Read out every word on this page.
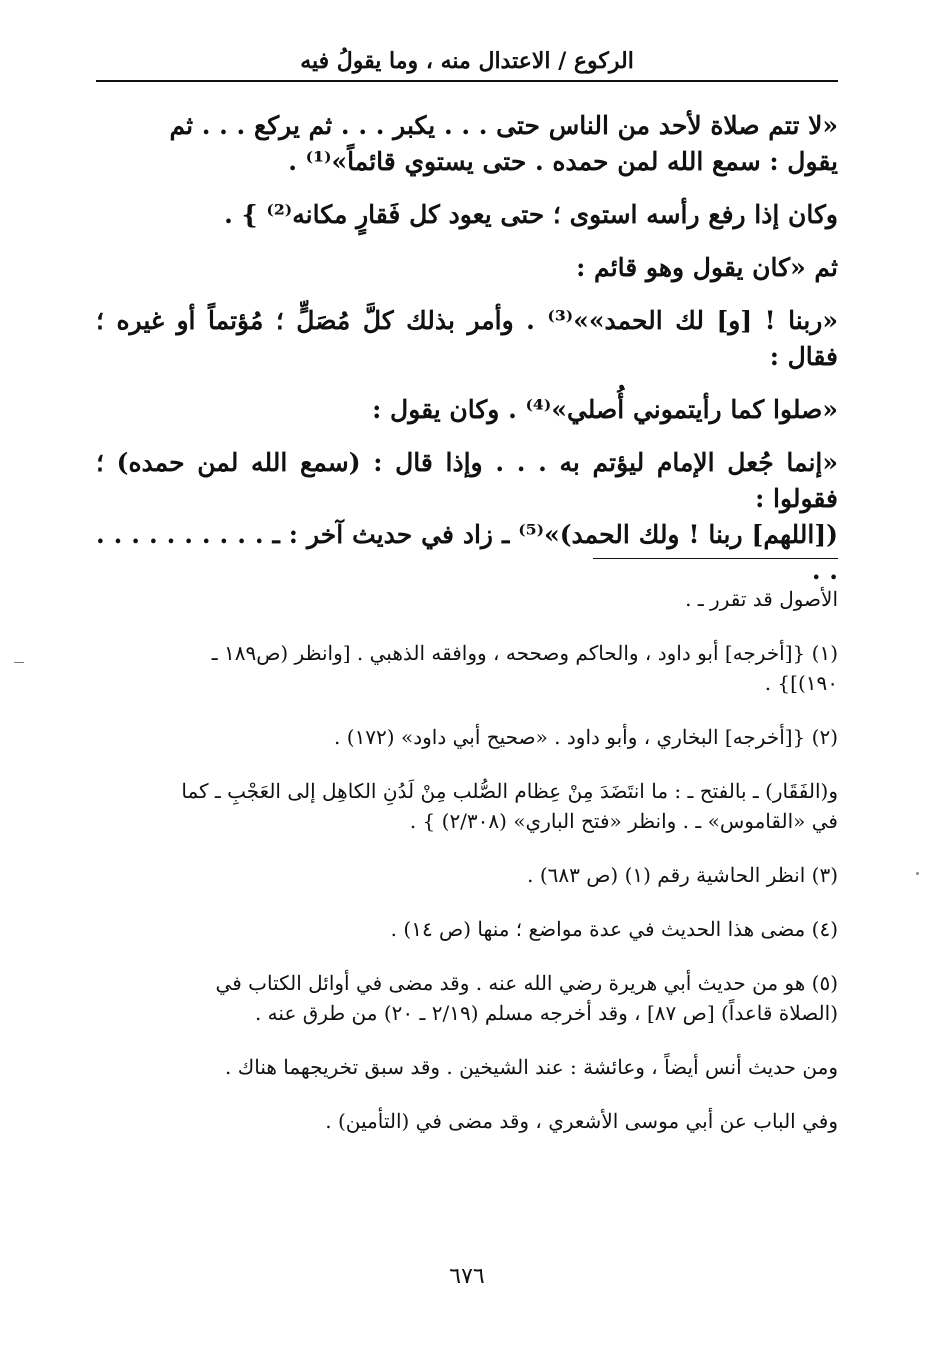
الركوع / الاعتدال منه ، وما يقولُ فيه

«لا تتم صلاة لأحد من الناس حتى . . . يكبر . . . ثم يركع . . . ثم

يقول : سمع الله لمن حمده . حتى يستوي قائماً»⁽¹⁾ .

وكان إذا رفع رأسه استوى ؛ حتى يعود كل فَقارٍ مكانه⁽²⁾ } .

ثم «كان يقول وهو قائم :

«ربنا ! [و] لك الحمد»»⁽³⁾ . وأمر بذلك كلَّ مُصَلٍّ ؛ مُؤتماً أو غيره ؛ فقال :

«صلوا كما رأيتموني أُصلي»⁽⁴⁾ . وكان يقول :

«إنما جُعل الإمام ليؤتم به . . . وإذا قال : (سمع الله لمن حمده) ؛ فقولوا :

([اللهم] ربنا ! ولك الحمد)»⁽⁵⁾ ـ زاد في حديث آخر : ـ . . . . . . . . . . . .

الأصول قد تقرر ـ .

(١) {[أخرجه] أبو داود ، والحاكم وصححه ، ووافقه الذهبي . [وانظر (ص١٨٩ ـ

١٩٠)]} .

(٢) {[أخرجه] البخاري ، وأبو داود . «صحيح أبي داود» (١٧٢) .

و(الفَقَار) ـ بالفتح ـ : ما انتَضَدَ مِنْ عِظام الصُّلب مِنْ لَدُنِ الكاهِل إلى العَجْبِ ـ كما

في «القاموس» ـ . وانظر «فتح الباري» (٢/٣٠٨) } .

(٣) انظر الحاشية رقم (١) (ص ٦٨٣) .

(٤) مضى هذا الحديث في عدة مواضع ؛ منها (ص ١٤) .

(٥) هو من حديث أبي هريرة رضي الله عنه . وقد مضى في أوائل الكتاب في

(الصلاة قاعداً) [ص ٨٧] ، وقد أخرجه مسلم (٢/١٩ ـ ٢٠) من طرق عنه .

ومن حديث أنس أيضاً ، وعائشة : عند الشيخين . وقد سبق تخريجهما هناك .

وفي الباب عن أبي موسى الأشعري ، وقد مضى في (التأمين) .

٦٧٦
